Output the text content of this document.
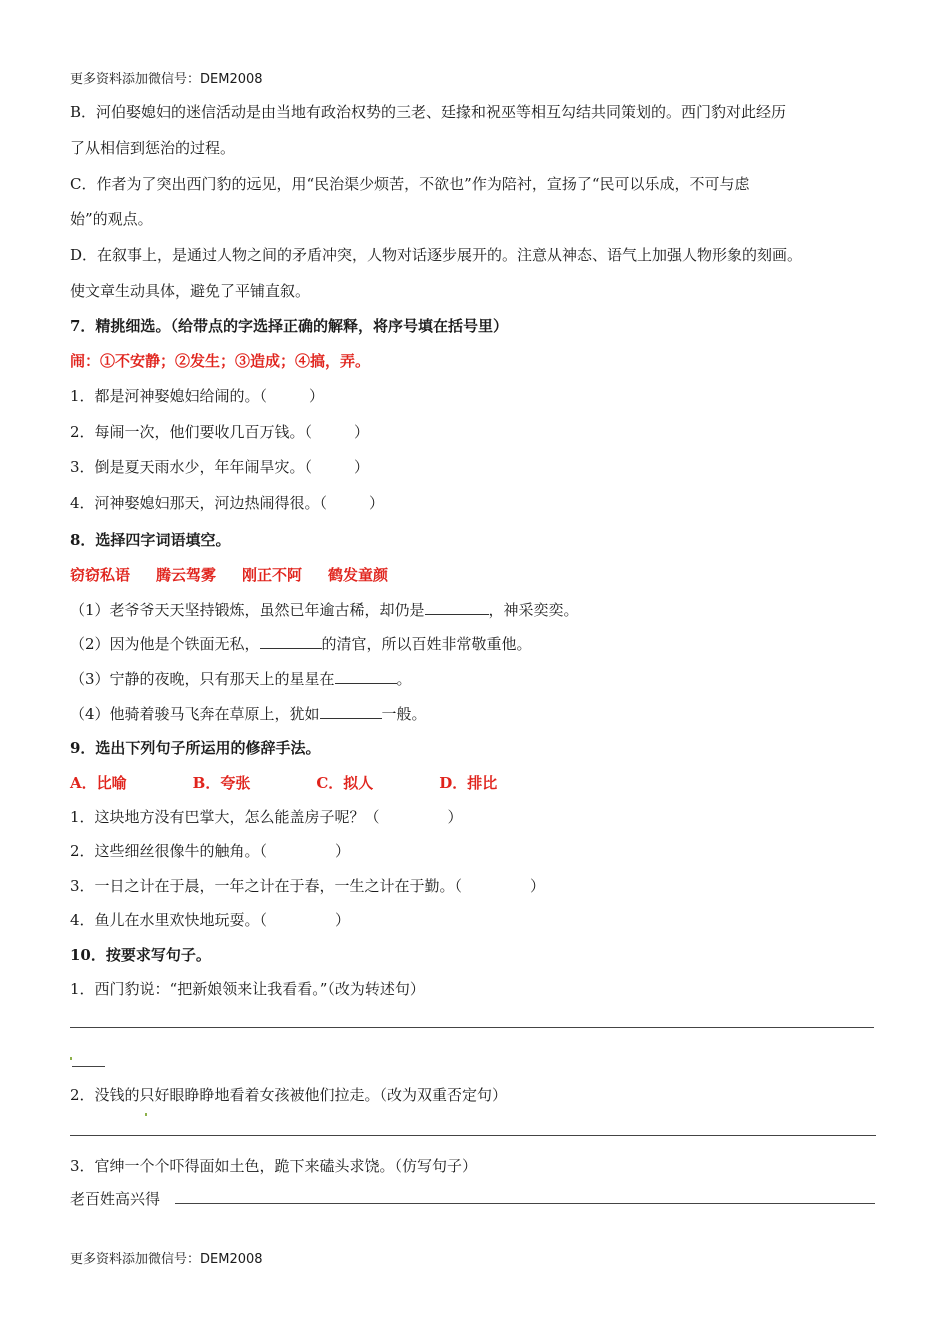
更多资料添加微信号：DEM2008
B．河伯娶媳妇的迷信活动是由当地有政治权势的三老、廷掾和祝巫等相互勾结共同策划的。西门豹对此经历
了从相信到惩治的过程。
C．作者为了突出西门豹的远见，用“民治渠少烦苦，不欲也”作为陪衬，宣扬了“民可以乐成，不可与虑
始”的观点。
D．在叙事上，是通过人物之间的矛盾冲突，人物对话逐步展开的。注意从神态、语气上加强人物形象的刻画。
使文章生动具体，避免了平铺直叙。
7．精挑细选。（给带点的字选择正确的解释，将序号填在括号里）
闹：①不安静；②发生；③造成；④搞，弄。
1．都是河神娶媳妇给闹的。（	）
2．每闹一次，他们要收几百万钱。（	）
3．倒是夏天雨水少，年年闹旱灾。（	）
4．河神娶媳妇那天，河边热闹得很。（	）
8．选择四字词语填空。
窃窃私语 腾云驾雾 刚正不阿 鹤发童颜
（1）老爷爷天天坚持锻炼，虽然已年逾古稀，却仍是	，神采奕奕。
（2）因为他是个铁面无私，	的清官，所以百姓非常敬重他。
（3）宁静的夜晚，只有那天上的星星在	。
（4）他骑着骏马飞奔在草原上，犹如	一般。
9．选出下列句子所运用的修辞手法。
A．比喻	B．夸张	C．拟人	D．排比
1．这块地方没有巴掌大，怎么能盖房子呢？（	）
2．这些细丝很像牛的触角。（	）
3．一日之计在于晨，一年之计在于春，一生之计在于勤。（	）
4．鱼儿在水里欢快地玩耍。（	）
10．按要求写句子。
1．西门豹说：“把新娘领来让我看看。”（改为转述句）
2．没钱的只好眼睁睁地看着女孩被他们拉走。（改为双重否定句）
3．官绅一个个吓得面如土色，跪下来磕头求饶。（仿写句子）
老百姓高兴得
更多资料添加微信号：DEM2008
